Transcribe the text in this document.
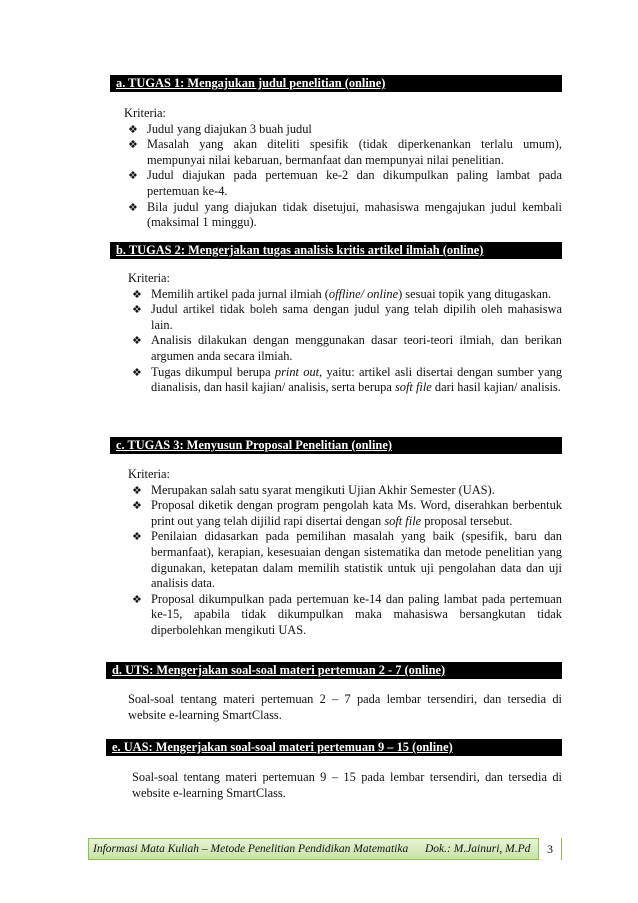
a. TUGAS 1: Mengajukan judul penelitian (online)
Kriteria:
❖ Judul yang diajukan 3 buah judul
❖ Masalah yang akan diteliti spesifik (tidak diperkenankan terlalu umum), mempunyai nilai kebaruan, bermanfaat dan mempunyai nilai penelitian.
❖ Judul diajukan pada pertemuan ke-2 dan dikumpulkan paling lambat pada pertemuan ke-4.
❖ Bila judul yang diajukan tidak disetujui, mahasiswa mengajukan judul kembali (maksimal 1 minggu).
b. TUGAS 2: Mengerjakan tugas analisis kritis artikel ilmiah (online)
Kriteria:
❖ Memilih artikel pada jurnal ilmiah (offline/ online) sesuai topik yang ditugaskan.
❖ Judul artikel tidak boleh sama dengan judul yang telah dipilih oleh mahasiswa lain.
❖ Analisis dilakukan dengan menggunakan dasar teori-teori ilmiah, dan berikan argumen anda secara ilmiah.
❖ Tugas dikumpul berupa print out, yaitu: artikel asli disertai dengan sumber yang dianalisis, dan hasil kajian/ analisis, serta berupa soft file dari hasil kajian/ analisis.
c. TUGAS 3: Menyusun Proposal Penelitian (online)
Kriteria:
❖ Merupakan salah satu syarat mengikuti Ujian Akhir Semester (UAS).
❖ Proposal diketik dengan program pengolah kata Ms. Word, diserahkan berbentuk print out yang telah dijilid rapi disertai dengan soft file proposal tersebut.
❖ Penilaian didasarkan pada pemilihan masalah yang baik (spesifik, baru dan bermanfaat), kerapian, kesesuaian dengan sistematika dan metode penelitian yang digunakan, ketepatan dalam memilih statistik untuk uji pengolahan data dan uji analisis data.
❖ Proposal dikumpulkan pada pertemuan ke-14 dan paling lambat pada pertemuan ke-15, apabila tidak dikumpulkan maka mahasiswa bersangkutan tidak diperbolehkan mengikuti UAS.
d. UTS: Mengerjakan soal-soal materi pertemuan 2 - 7 (online)
Soal-soal tentang materi pertemuan 2 – 7 pada lembar tersendiri, dan tersedia di website e-learning SmartClass.
e. UAS: Mengerjakan soal-soal materi pertemuan 9 – 15 (online)
Soal-soal tentang materi pertemuan 9 – 15 pada lembar tersendiri, dan tersedia di website e-learning SmartClass.
Informasi Mata Kuliah – Metode Penelitian Pendidikan Matematika Dok.: M.Jainuri, M.Pd	3
